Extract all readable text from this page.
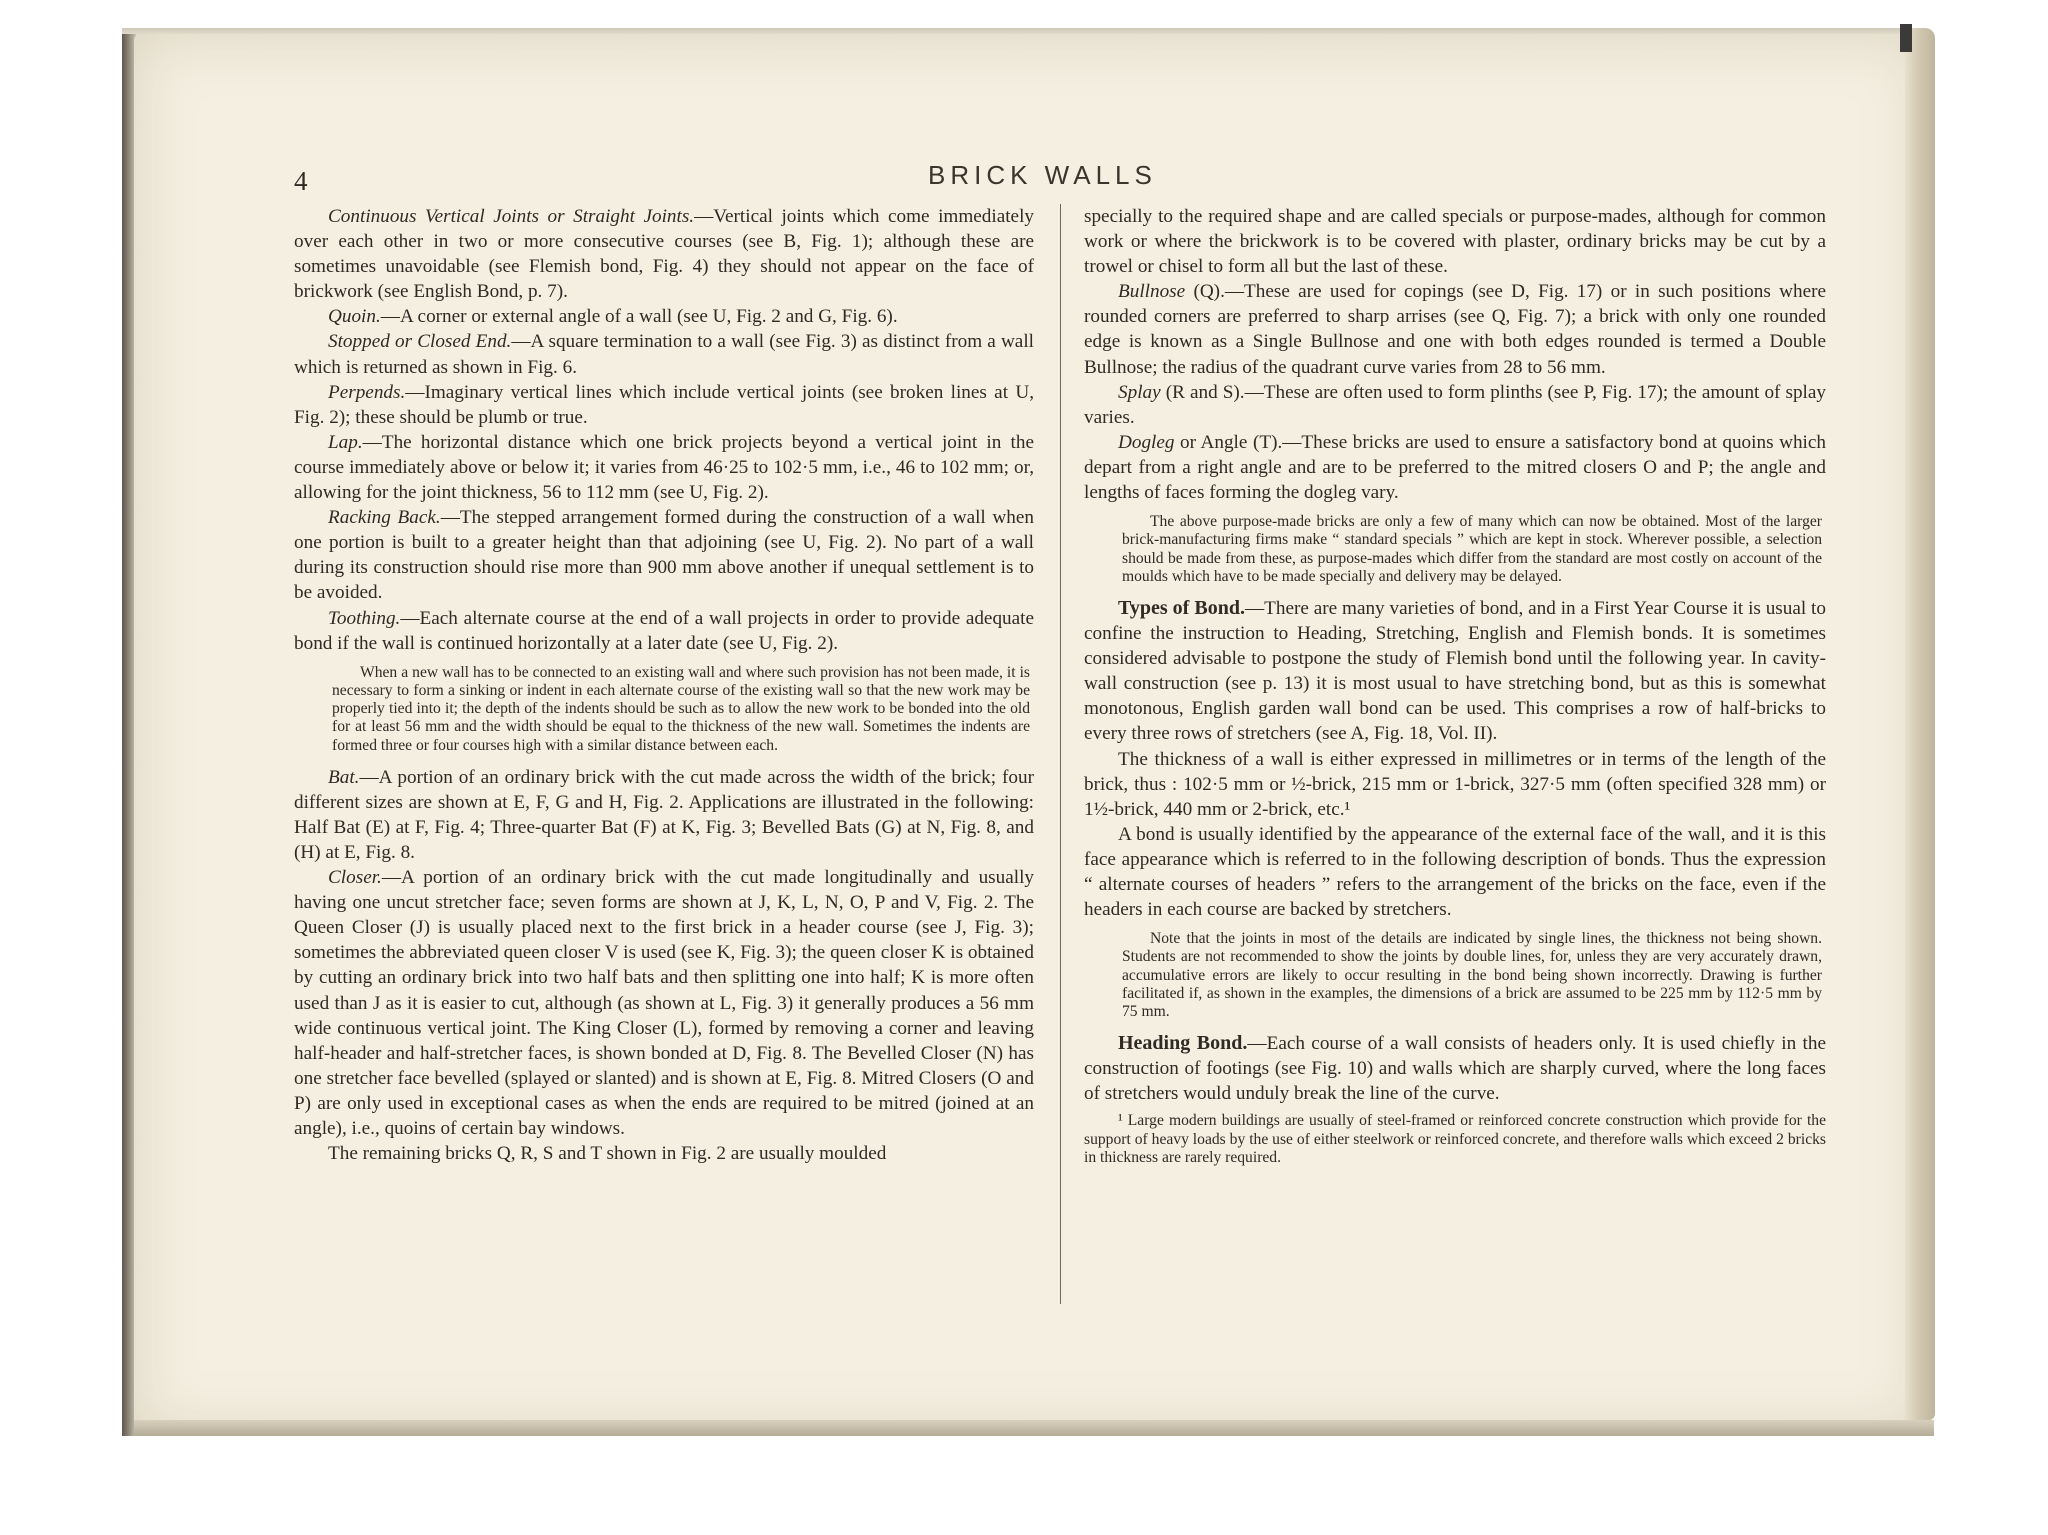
4	BRICK WALLS

Continuous Vertical Joints or Straight Joints.—Vertical joints which come immediately over each other in two or more consecutive courses (see B, Fig. 1); although these are sometimes unavoidable (see Flemish bond, Fig. 4) they should not appear on the face of brickwork (see English Bond, p. 7).

Quoin.—A corner or external angle of a wall (see U, Fig. 2 and G, Fig. 6).

Stopped or Closed End.—A square termination to a wall (see Fig. 3) as distinct from a wall which is returned as shown in Fig. 6.

Perpends.—Imaginary vertical lines which include vertical joints (see broken lines at U, Fig. 2); these should be plumb or true.

Lap.—The horizontal distance which one brick projects beyond a vertical joint in the course immediately above or below it; it varies from 46·25 to 102·5 mm, i.e., 46 to 102 mm; or, allowing for the joint thickness, 56 to 112 mm (see U, Fig. 2).

Racking Back.—The stepped arrangement formed during the construction of a wall when one portion is built to a greater height than that adjoining (see U, Fig. 2). No part of a wall during its construction should rise more than 900 mm above another if unequal settlement is to be avoided.

Toothing.—Each alternate course at the end of a wall projects in order to provide adequate bond if the wall is continued horizontally at a later date (see U, Fig. 2).

When a new wall has to be connected to an existing wall and where such provision has not been made, it is necessary to form a sinking or indent in each alternate course of the existing wall so that the new work may be properly tied into it; the depth of the indents should be such as to allow the new work to be bonded into the old for at least 56 mm and the width should be equal to the thickness of the new wall. Sometimes the indents are formed three or four courses high with a similar distance between each.

Bat.—A portion of an ordinary brick with the cut made across the width of the brick; four different sizes are shown at E, F, G and H, Fig. 2. Applications are illustrated in the following: Half Bat (E) at F, Fig. 4; Three-quarter Bat (F) at K, Fig. 3; Bevelled Bats (G) at N, Fig. 8, and (H) at E, Fig. 8.

Closer.—A portion of an ordinary brick with the cut made longitudinally and usually having one uncut stretcher face; seven forms are shown at J, K, L, N, O, P and V, Fig. 2. The Queen Closer (J) is usually placed next to the first brick in a header course (see J, Fig. 3); sometimes the abbreviated queen closer V is used (see K, Fig. 3); the queen closer K is obtained by cutting an ordinary brick into two half bats and then splitting one into half; K is more often used than J as it is easier to cut, although (as shown at L, Fig. 3) it generally produces a 56 mm wide continuous vertical joint. The King Closer (L), formed by removing a corner and leaving half-header and half-stretcher faces, is shown bonded at D, Fig. 8. The Bevelled Closer (N) has one stretcher face bevelled (splayed or slanted) and is shown at E, Fig. 8. Mitred Closers (O and P) are only used in exceptional cases as when the ends are required to be mitred (joined at an angle), i.e., quoins of certain bay windows.

The remaining bricks Q, R, S and T shown in Fig. 2 are usually moulded

specially to the required shape and are called specials or purpose-mades, although for common work or where the brickwork is to be covered with plaster, ordinary bricks may be cut by a trowel or chisel to form all but the last of these.

Bullnose (Q).—These are used for copings (see D, Fig. 17) or in such positions where rounded corners are preferred to sharp arrises (see Q, Fig. 7); a brick with only one rounded edge is known as a Single Bullnose and one with both edges rounded is termed a Double Bullnose; the radius of the quadrant curve varies from 28 to 56 mm.

Splay (R and S).—These are often used to form plinths (see P, Fig. 17); the amount of splay varies.

Dogleg or Angle (T).—These bricks are used to ensure a satisfactory bond at quoins which depart from a right angle and are to be preferred to the mitred closers O and P; the angle and lengths of faces forming the dogleg vary.

The above purpose-made bricks are only a few of many which can now be obtained. Most of the larger brick-manufacturing firms make “ standard specials ” which are kept in stock. Wherever possible, a selection should be made from these, as purpose-mades which differ from the standard are most costly on account of the moulds which have to be made specially and delivery may be delayed.

Types of Bond.—There are many varieties of bond, and in a First Year Course it is usual to confine the instruction to Heading, Stretching, English and Flemish bonds. It is sometimes considered advisable to postpone the study of Flemish bond until the following year. In cavity-wall construction (see p. 13) it is most usual to have stretching bond, but as this is somewhat monotonous, English garden wall bond can be used. This comprises a row of half-bricks to every three rows of stretchers (see A, Fig. 18, Vol. II).

The thickness of a wall is either expressed in millimetres or in terms of the length of the brick, thus : 102·5 mm or ½-brick, 215 mm or 1-brick, 327·5 mm (often specified 328 mm) or 1½-brick, 440 mm or 2-brick, etc.¹

A bond is usually identified by the appearance of the external face of the wall, and it is this face appearance which is referred to in the following description of bonds. Thus the expression “ alternate courses of headers ” refers to the arrangement of the bricks on the face, even if the headers in each course are backed by stretchers.

Note that the joints in most of the details are indicated by single lines, the thickness not being shown. Students are not recommended to show the joints by double lines, for, unless they are very accurately drawn, accumulative errors are likely to occur resulting in the bond being shown incorrectly. Drawing is further facilitated if, as shown in the examples, the dimensions of a brick are assumed to be 225 mm by 112·5 mm by 75 mm.

Heading Bond.—Each course of a wall consists of headers only. It is used chiefly in the construction of footings (see Fig. 10) and walls which are sharply curved, where the long faces of stretchers would unduly break the line of the curve.

¹ Large modern buildings are usually of steel-framed or reinforced concrete construction which provide for the support of heavy loads by the use of either steelwork or reinforced concrete, and therefore walls which exceed 2 bricks in thickness are rarely required.
